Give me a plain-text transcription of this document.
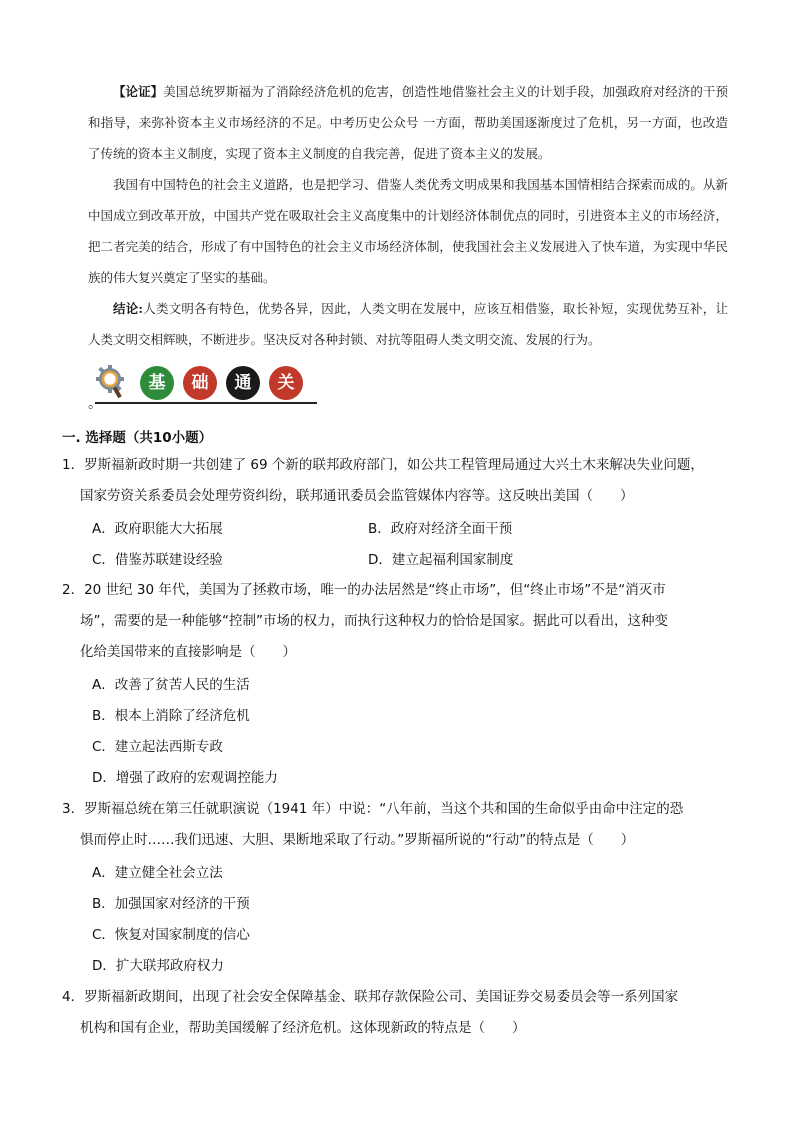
【论证】美国总统罗斯福为了消除经济危机的危害，创造性地借鉴社会主义的计划手段，加强政府对经济的干预和指导，来弥补资本主义市场经济的不足。中考历史公众号 一方面，帮助美国逐渐度过了危机，另一方面，也改造了传统的资本主义制度，实现了资本主义制度的自我完善，促进了资本主义的发展。

我国有中国特色的社会主义道路，也是把学习、借鉴人类优秀文明成果和我国基本国情相结合探索而成的。从新中国成立到改革开放，中国共产党在吸取社会主义高度集中的计划经济体制优点的同时，引进资本主义的市场经济，把二者完美的结合，形成了有中国特色的社会主义市场经济体制，使我国社会主义发展进入了快车道，为实现中华民族的伟大复兴奠定了坚实的基础。

结论:人类文明各有特色，优势各异，因此，人类文明在发展中，应该互相借鉴，取长补短，实现优势互补，让人类文明交相辉映，不断进步。坚决反对各种封锁、对抗等阻碍人类文明交流、发展的行为。

基	础	通	关
。
一. 选择题（共10小题）
1．罗斯福新政时期一共创建了 69 个新的联邦政府部门，如公共工程管理局通过大兴土木来解决失业问题，
国家劳资关系委员会处理劳资纠纷，联邦通讯委员会监管媒体内容等。这反映出美国（　　）
A．政府职能大大拓展	B．政府对经济全面干预
C．借鉴苏联建设经验	D．建立起福利国家制度
2．20 世纪 30 年代，美国为了拯救市场，唯一的办法居然是“终止市场”，但“终止市场”不是“消灭市
场”，需要的是一种能够“控制”市场的权力，而执行这种权力的恰恰是国家。据此可以看出，这种变
化给美国带来的直接影响是（　　）
A．改善了贫苦人民的生活
B．根本上消除了经济危机
C．建立起法西斯专政
D．增强了政府的宏观调控能力
3．罗斯福总统在第三任就职演说（1941 年）中说：“八年前，当这个共和国的生命似乎由命中注定的恐
惧而停止时……我们迅速、大胆、果断地采取了行动。”罗斯福所说的“行动”的特点是（　　）
A．建立健全社会立法
B．加强国家对经济的干预
C．恢复对国家制度的信心
D．扩大联邦政府权力
4．罗斯福新政期间，出现了社会安全保障基金、联邦存款保险公司、美国证券交易委员会等一系列国家
机构和国有企业，帮助美国缓解了经济危机。这体现新政的特点是（　　）
